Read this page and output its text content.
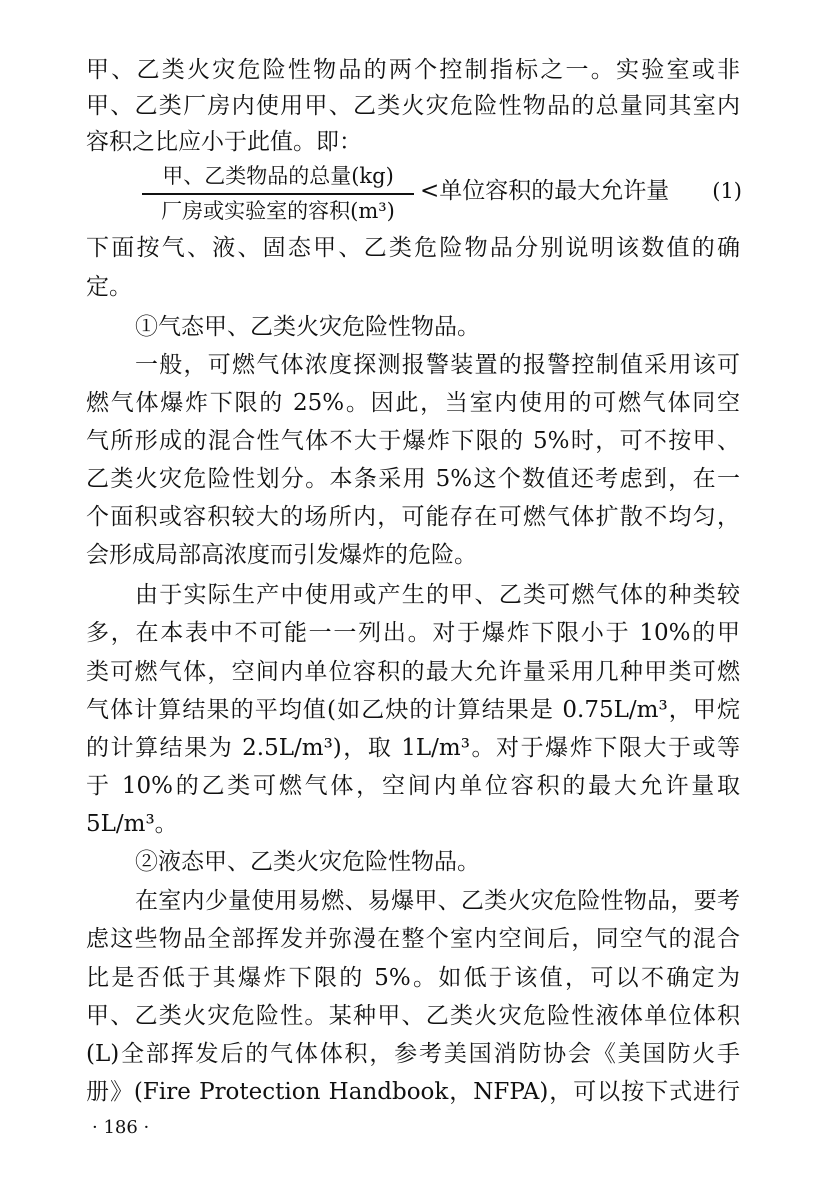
甲、乙类火灾危险性物品的两个控制指标之一。实验室或非
甲、乙类厂房内使用甲、乙类火灾危险性物品的总量同其室内
容积之比应小于此值。即：
甲、乙类物品的总量(kg)
厂房或实验室的容积(m³)
<单位容积的最大允许量 (1)
下面按气、液、固态甲、乙类危险物品分别说明该数值的确
定。
①气态甲、乙类火灾危险性物品。
一般，可燃气体浓度探测报警装置的报警控制值采用该可
燃气体爆炸下限的 25%。因此，当室内使用的可燃气体同空
气所形成的混合性气体不大于爆炸下限的 5%时，可不按甲、
乙类火灾危险性划分。本条采用 5%这个数值还考虑到，在一
个面积或容积较大的场所内，可能存在可燃气体扩散不均匀，
会形成局部高浓度而引发爆炸的危险。
由于实际生产中使用或产生的甲、乙类可燃气体的种类较
多，在本表中不可能一一列出。对于爆炸下限小于 10%的甲
类可燃气体，空间内单位容积的最大允许量采用几种甲类可燃
气体计算结果的平均值(如乙炔的计算结果是 0.75L/m³，甲烷
的计算结果为 2.5L/m³)，取 1L/m³。对于爆炸下限大于或等
于 10%的乙类可燃气体，空间内单位容积的最大允许量取
5L/m³。
②液态甲、乙类火灾危险性物品。
在室内少量使用易燃、易爆甲、乙类火灾危险性物品，要考
虑这些物品全部挥发并弥漫在整个室内空间后，同空气的混合
比是否低于其爆炸下限的 5%。如低于该值，可以不确定为
甲、乙类火灾危险性。某种甲、乙类火灾危险性液体单位体积
(L)全部挥发后的气体体积，参考美国消防协会《美国防火手
册》(Fire Protection Handbook，NFPA)，可以按下式进行
· 186 ·
